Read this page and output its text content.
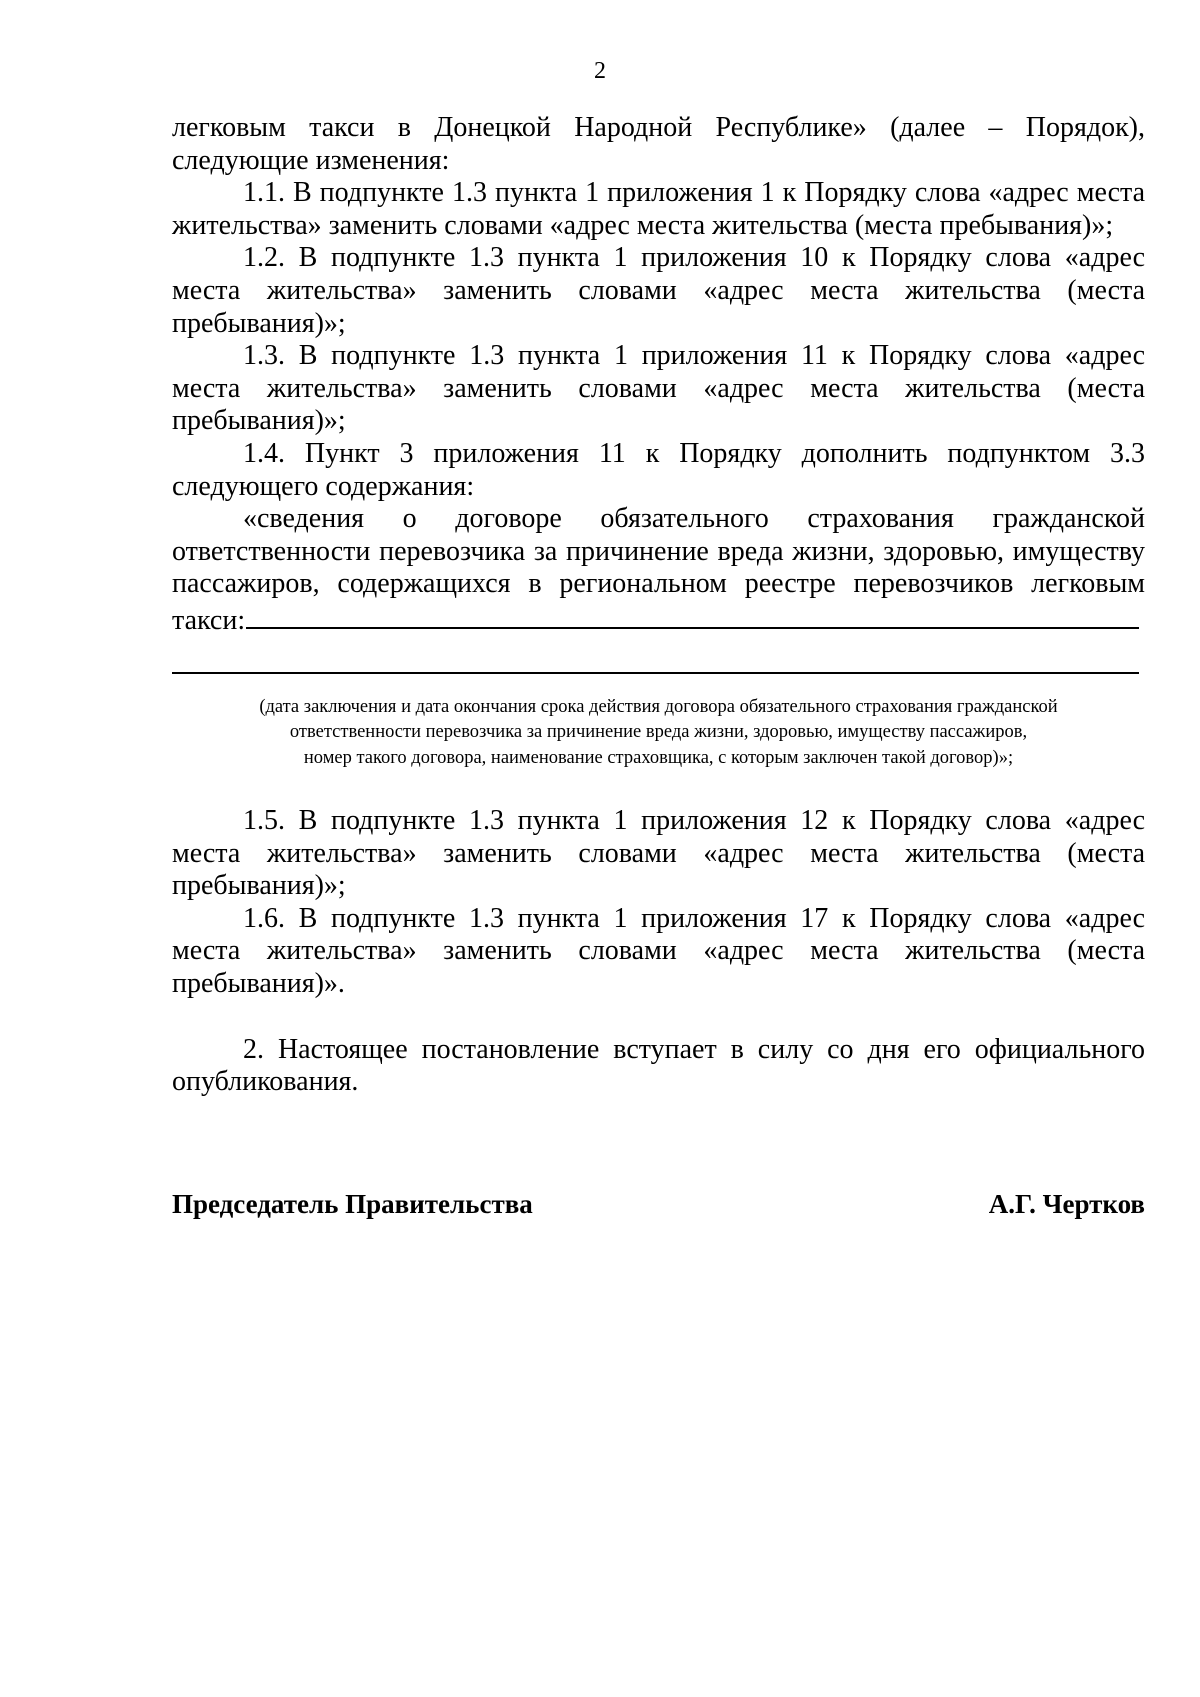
2

легковым такси в Донецкой Народной Республике» (далее – Порядок),

следующие изменения:

1.1. В подпункте 1.3 пункта 1 приложения 1 к Порядку слова «адрес места жительства» заменить словами «адрес места жительства (места пребывания)»;

1.2. В подпункте 1.3 пункта 1 приложения 10 к Порядку слова «адрес места жительства» заменить словами «адрес места жительства (места пребывания)»;

1.3. В подпункте 1.3 пункта 1 приложения 11 к Порядку слова «адрес места жительства» заменить словами «адрес места жительства (места пребывания)»;

1.4. Пункт 3 приложения 11 к Порядку дополнить подпунктом 3.3 следующего содержания:

«сведения о договоре обязательного страхования гражданской ответственности перевозчика за причинение вреда жизни, здоровью, имуществу пассажиров, содержащихся в региональном реестре перевозчиков легковым

такси:
(дата заключения и дата окончания срока действия договора обязательного страхования гражданской
ответственности перевозчика за причинение вреда жизни, здоровью, имуществу пассажиров,
номер такого договора, наименование страховщика, с которым заключен такой договор)»;

1.5. В подпункте 1.3 пункта 1 приложения 12 к Порядку слова «адрес места жительства» заменить словами «адрес места жительства (места пребывания)»;

1.6. В подпункте 1.3 пункта 1 приложения 17 к Порядку слова «адрес места жительства» заменить словами «адрес места жительства (места пребывания)».

2. Настоящее постановление вступает в силу со дня его официального опубликования.

Председатель Правительства	А.Г. Чертков
